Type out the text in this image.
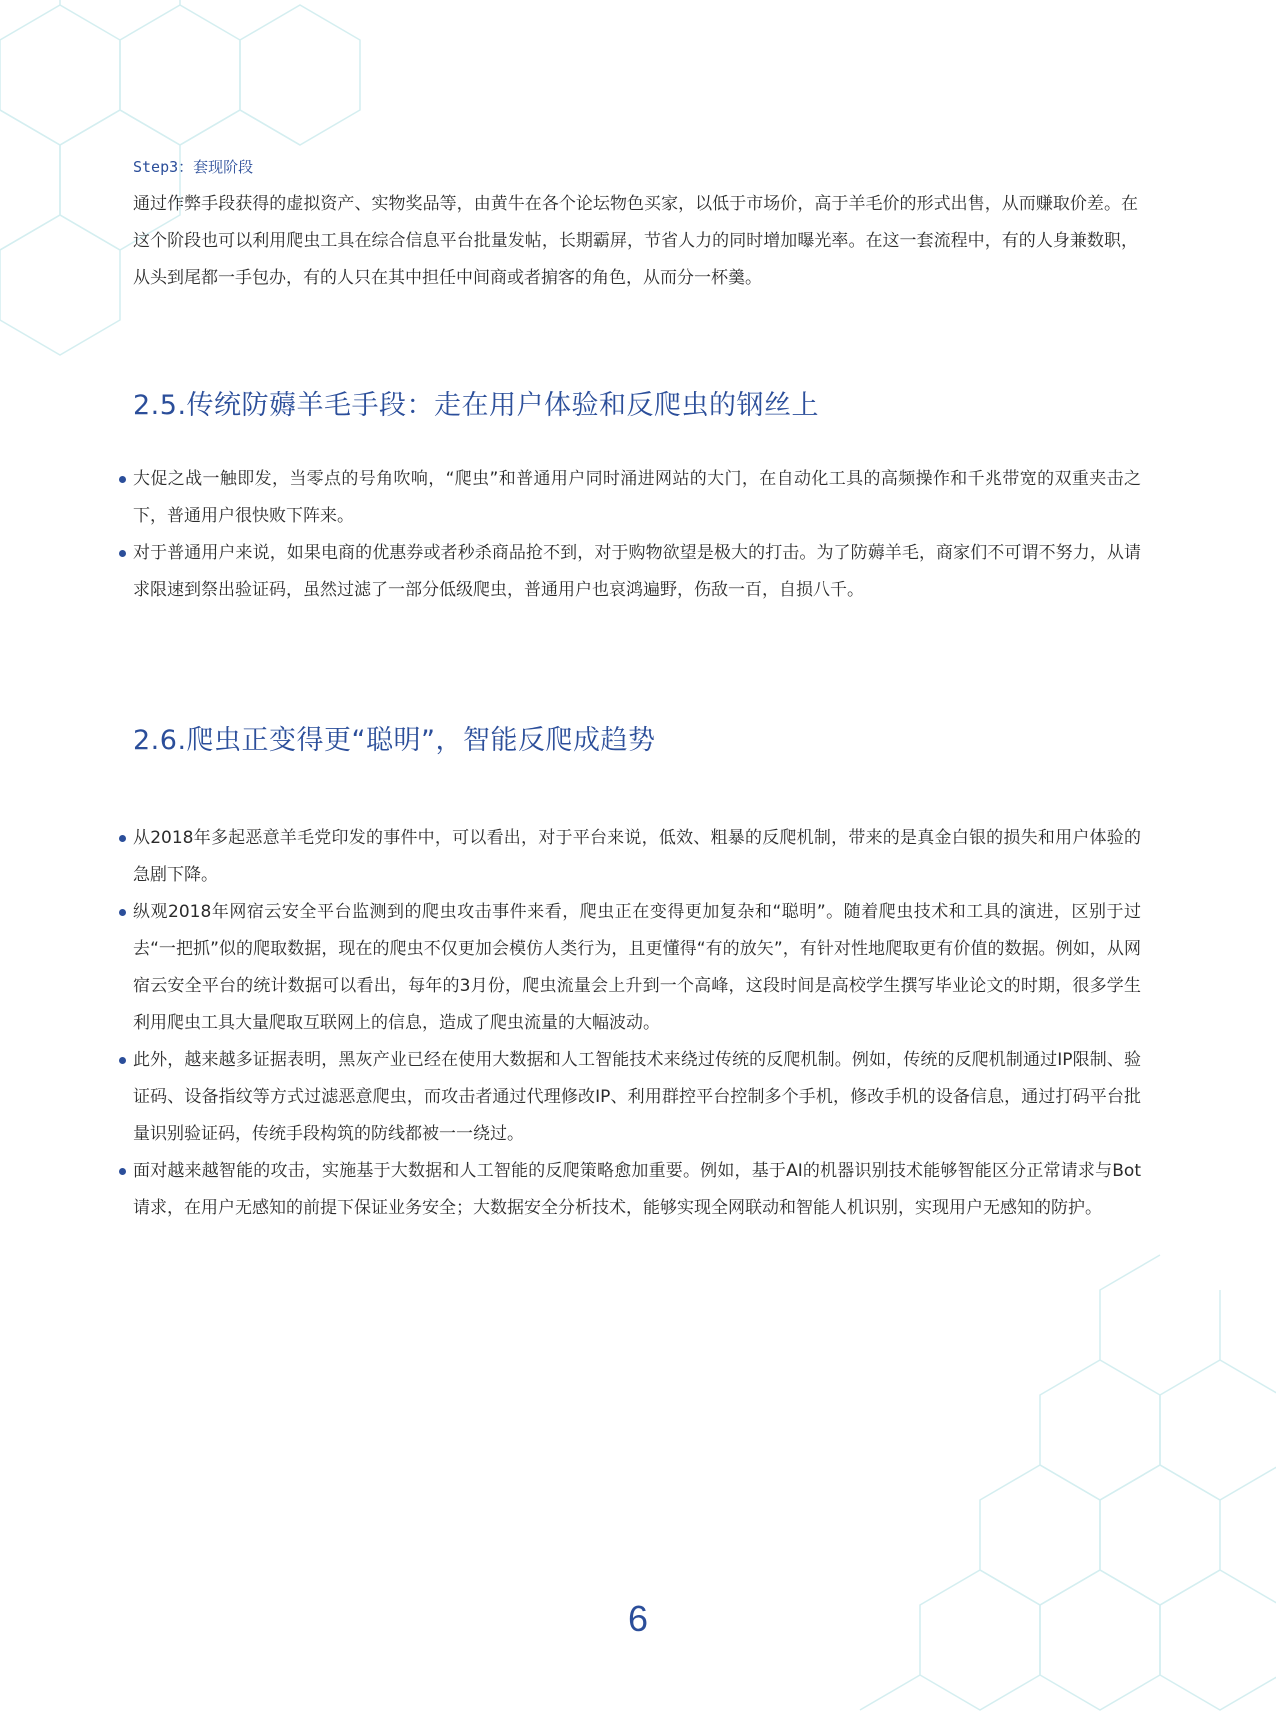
Step3：套现阶段
通过作弊手段获得的虚拟资产、实物奖品等，由黄牛在各个论坛物色买家，以低于市场价，高于羊毛价的形式出售，从而赚取价差。在这个阶段也可以利用爬虫工具在综合信息平台批量发帖，长期霸屏，节省人力的同时增加曝光率。在这一套流程中，有的人身兼数职，从头到尾都一手包办，有的人只在其中担任中间商或者掮客的角色，从而分一杯羹。
2.5.传统防薅羊毛手段：走在用户体验和反爬虫的钢丝上
大促之战一触即发，当零点的号角吹响，“爬虫”和普通用户同时涌进网站的大门，在自动化工具的高频操作和千兆带宽的双重夹击之下，普通用户很快败下阵来。
对于普通用户来说，如果电商的优惠券或者秒杀商品抢不到，对于购物欲望是极大的打击。为了防薅羊毛，商家们不可谓不努力，从请求限速到祭出验证码，虽然过滤了一部分低级爬虫，普通用户也哀鸿遍野，伤敌一百，自损八千。
2.6.爬虫正变得更“聪明”，智能反爬成趋势
从2018年多起恶意羊毛党印发的事件中，可以看出，对于平台来说，低效、粗暴的反爬机制，带来的是真金白银的损失和用户体验的急剧下降。
纵观2018年网宿云安全平台监测到的爬虫攻击事件来看，爬虫正在变得更加复杂和“聪明”。随着爬虫技术和工具的演进，区别于过去“一把抓”似的爬取数据，现在的爬虫不仅更加会模仿人类行为，且更懂得“有的放矢”，有针对性地爬取更有价值的数据。例如，从网宿云安全平台的统计数据可以看出，每年的3月份，爬虫流量会上升到一个高峰，这段时间是高校学生撰写毕业论文的时期，很多学生利用爬虫工具大量爬取互联网上的信息，造成了爬虫流量的大幅波动。
此外，越来越多证据表明，黑灰产业已经在使用大数据和人工智能技术来绕过传统的反爬机制。例如，传统的反爬机制通过IP限制、验证码、设备指纹等方式过滤恶意爬虫，而攻击者通过代理修改IP、利用群控平台控制多个手机，修改手机的设备信息，通过打码平台批量识别验证码，传统手段构筑的防线都被一一绕过。
面对越来越智能的攻击，实施基于大数据和人工智能的反爬策略愈加重要。例如，基于AI的机器识别技术能够智能区分正常请求与Bot请求，在用户无感知的前提下保证业务安全；大数据安全分析技术，能够实现全网联动和智能人机识别，实现用户无感知的防护。
6
